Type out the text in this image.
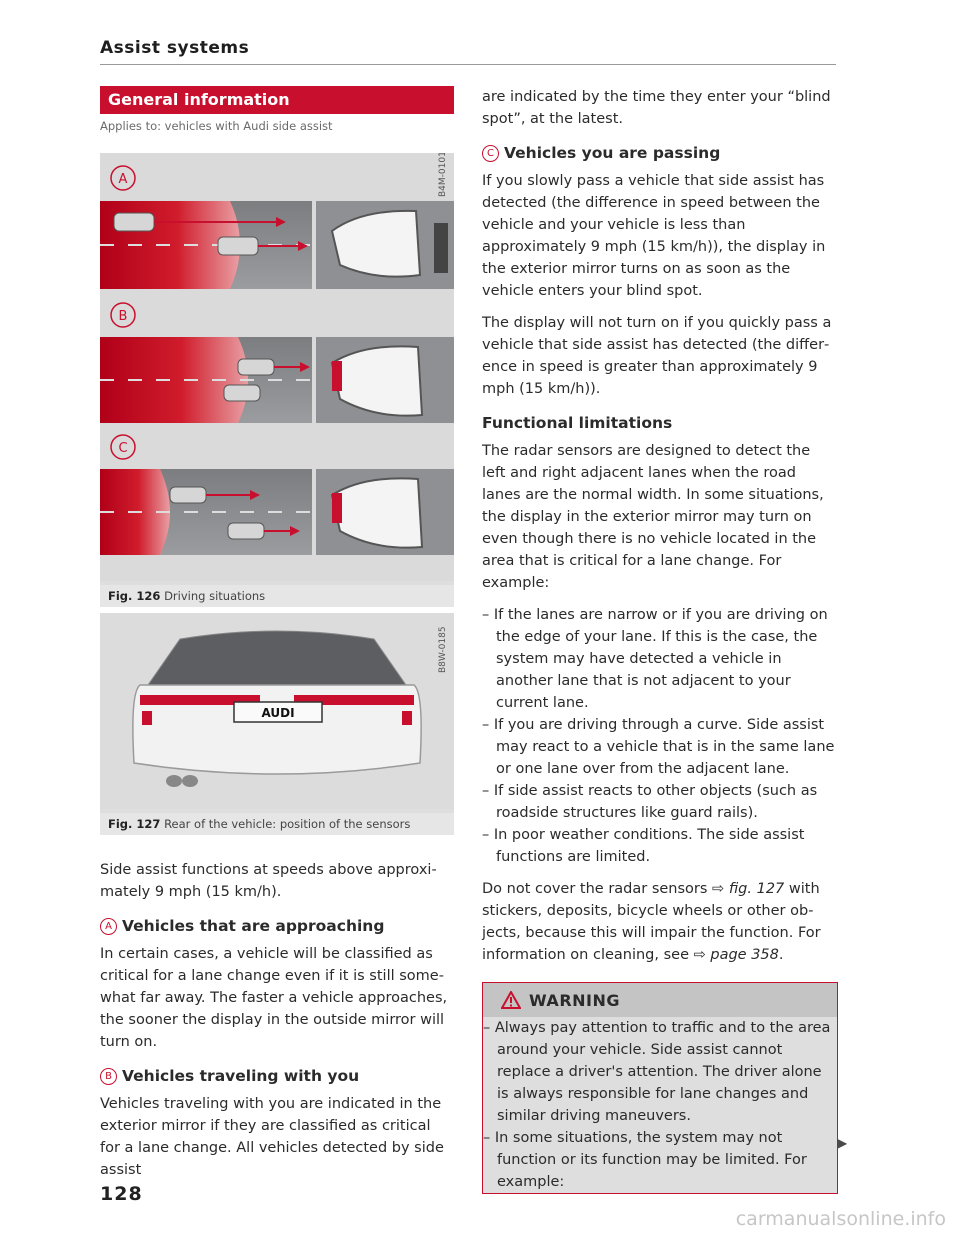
Assist systems
General information
Applies to: vehicles with Audi side assist
A
B
C
B4M-0101
Fig. 126 Driving situations
AUDI
B8W-0185
Fig. 127 Rear of the vehicle: position of the sensors

Side assist functions at speeds above approximately 9 mph (15 km/h).

A Vehicles that are approaching

In certain cases, a vehicle will be classified as critical for a lane change even if it is still somewhat far away. The faster a vehicle approaches, the sooner the display in the outside mirror will turn on.

B Vehicles traveling with you

Vehicles traveling with you are indicated in the exterior mirror if they are classified as critical for a lane change. All vehicles detected by side assist

are indicated by the time they enter your “blind spot”, at the latest.

C Vehicles you are passing

If you slowly pass a vehicle that side assist has detected (the difference in speed between the vehicle and your vehicle is less than approximately 9 mph (15 km/h)), the display in the exterior mirror turns on as soon as the vehicle enters your blind spot.

The display will not turn on if you quickly pass a vehicle that side assist has detected (the difference in speed is greater than approximately 9 mph (15 km/h)).

Functional limitations

The radar sensors are designed to detect the left and right adjacent lanes when the road lanes are the normal width. In some situations, the display in the exterior mirror may turn on even though there is no vehicle located in the area that is critical for a lane change. For example:

– If the lanes are narrow or if you are driving on the edge of your lane. If this is the case, the system may have detected a vehicle in another lane that is not adjacent to your current lane.
– If you are driving through a curve. Side assist may react to a vehicle that is in the same lane or one lane over from the adjacent lane.
– If side assist reacts to other objects (such as roadside structures like guard rails).
– In poor weather conditions. The side assist functions are limited.

Do not cover the radar sensors ⇨ fig. 127 with stickers, deposits, bicycle wheels or other objects, because this will impair the function. For information on cleaning, see ⇨ page 358.

WARNING
– Always pay attention to traffic and to the area around your vehicle. Side assist cannot replace a driver's attention. The driver alone is always responsible for lane changes and similar driving maneuvers.
– In some situations, the system may not function or its function may be limited. For example:
▶
128
carmanualsonline.info
